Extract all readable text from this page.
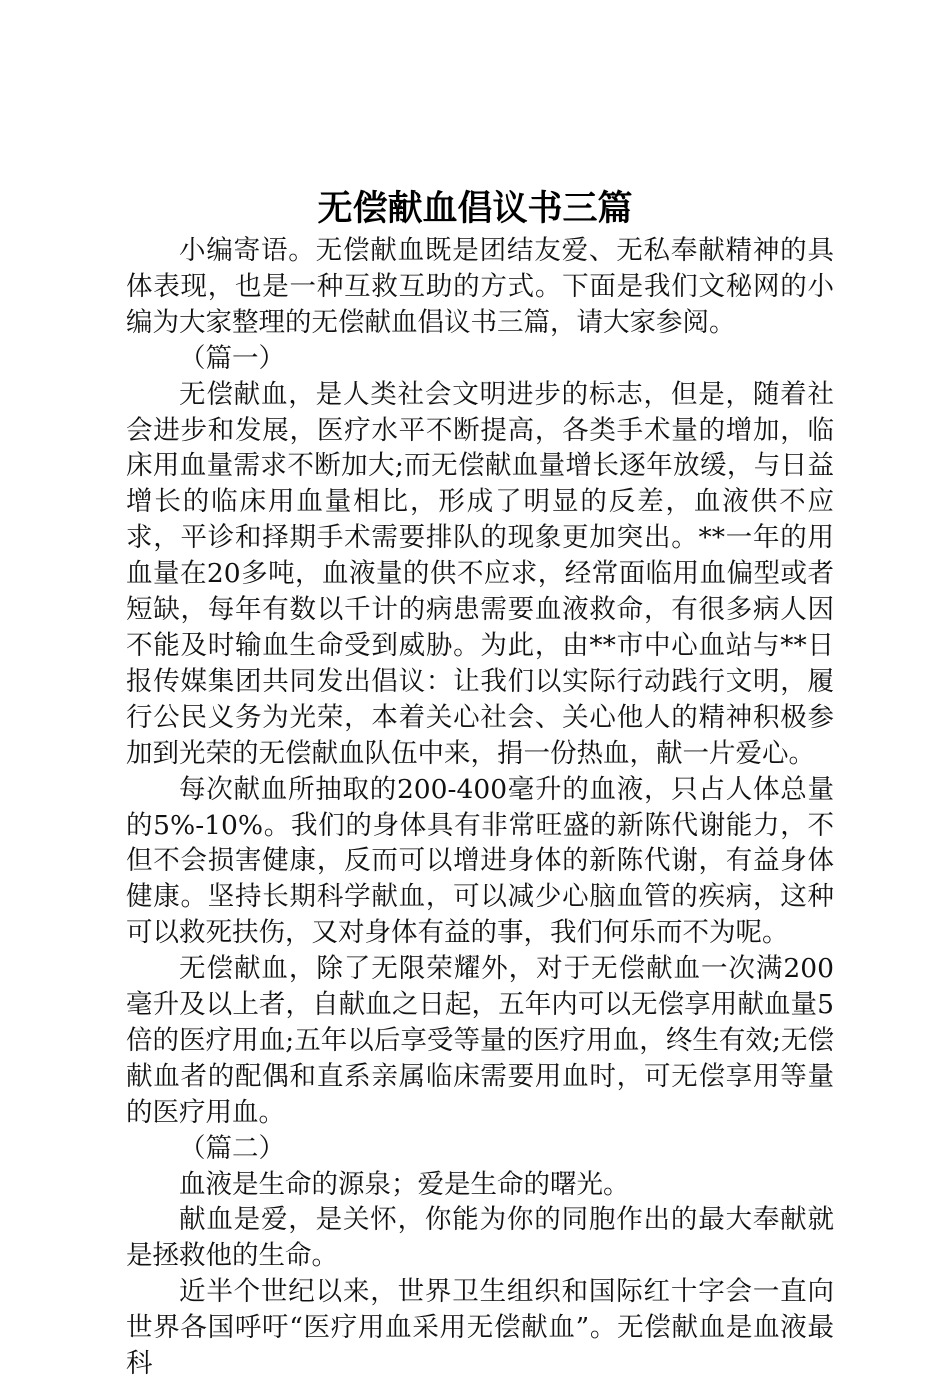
无偿献血倡议书三篇

小编寄语。无偿献血既是团结友爱、无私奉献精神的具体表现，也是一种互救互助的方式。下面是我们文秘网的小编为大家整理的无偿献血倡议书三篇，请大家参阅。

（篇一）

无偿献血，是人类社会文明进步的标志，但是，随着社会进步和发展，医疗水平不断提高，各类手术量的增加，临床用血量需求不断加大;而无偿献血量增长逐年放缓，与日益增长的临床用血量相比，形成了明显的反差，血液供不应求，平诊和择期手术需要排队的现象更加突出。**一年的用血量在20多吨，血液量的供不应求，经常面临用血偏型或者短缺，每年有数以千计的病患需要血液救命，有很多病人因不能及时输血生命受到威胁。为此，由**市中心血站与**日报传媒集团共同发出倡议：让我们以实际行动践行文明，履行公民义务为光荣，本着关心社会、关心他人的精神积极参加到光荣的无偿献血队伍中来，捐一份热血，献一片爱心。

每次献血所抽取的200-400毫升的血液，只占人体总量的5%-10%。我们的身体具有非常旺盛的新陈代谢能力，不但不会损害健康，反而可以增进身体的新陈代谢，有益身体健康。坚持长期科学献血，可以减少心脑血管的疾病，这种可以救死扶伤，又对身体有益的事，我们何乐而不为呢。

无偿献血，除了无限荣耀外，对于无偿献血一次满200毫升及以上者，自献血之日起，五年内可以无偿享用献血量5倍的医疗用血;五年以后享受等量的医疗用血，终生有效;无偿献血者的配偶和直系亲属临床需要用血时，可无偿享用等量的医疗用血。

（篇二）

血液是生命的源泉；爱是生命的曙光。

献血是爱，是关怀，你能为你的同胞作出的最大奉献就是拯救他的生命。

近半个世纪以来，世界卫生组织和国际红十字会一直向世界各国呼吁“医疗用血采用无偿献血”。无偿献血是血液最科
